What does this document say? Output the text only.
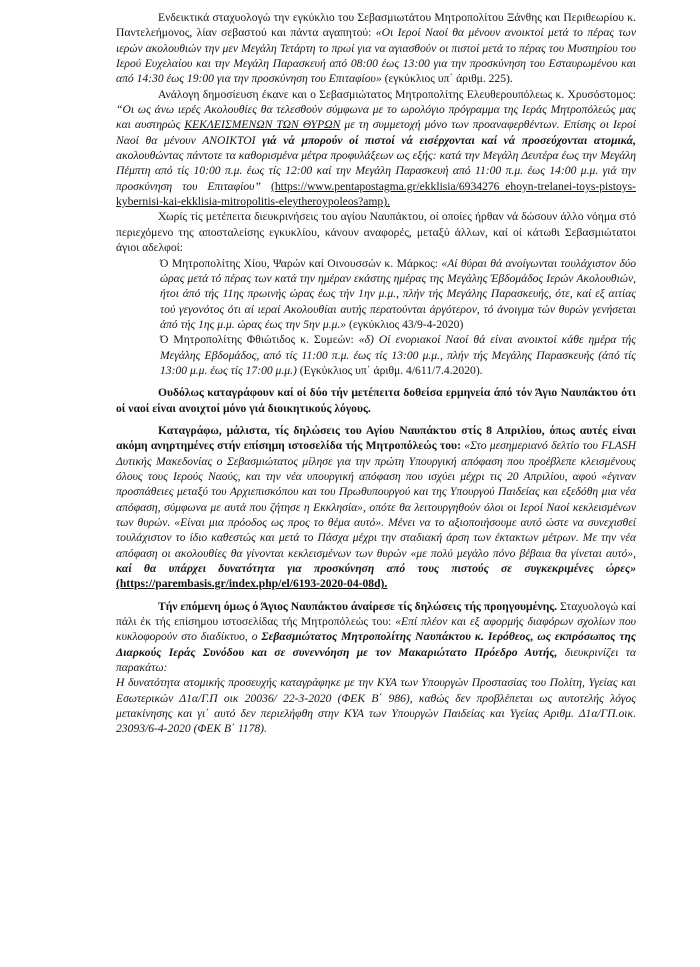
Ενδεικτικά σταχυολογώ την εγκύκλιο του Σεβασμιωτάτου Μητροπολίτου Ξάνθης και Περιθεωρίου κ. Παντελεήμονος, λίαν σεβαστού και πάντα αγαπητού: «Οι Ιεροί Ναοί θα μένουν ανοικτοί μετά το πέρας των ιερών ακολουθιών την μεν Μεγάλη Τετάρτη το πρωί για να αγιασθούν οι πιστοί μετά το πέρας του Μυστηρίου του Ιερού Ευχελαίου και την Μεγάλη Παρασκευή από 08:00 έως 13:00 για την προσκύνηση του Εσταυρωμένου και από 14:30 έως 19:00 για την προσκύνηση του Επιταφίου» (εγκύκλιος υπ΄ άριθμ. 225).

Ανάλογη δημοσίευση έκανε και ο Σεβασμιώτατος Μητροπολίτης Ελευθερουπόλεως κ. Χρυσόστομος: “Οι ως άνω ιερές Ακολουθίες θα τελεσθούν σύμφωνα με το ωρολόγιο πρόγραμμα της Ιεράς Μητροπόλεώς μας και αυστηρώς ΚΕΚΛΕΙΣΜΕΝΩΝ ΤΩΝ ΘΥΡΩΝ με τη συμμετοχή μόνο των προαναφερθέντων. Επίσης οι Ιεροί Ναοί θα μένουν ΑΝΟΙΚΤΟΙ γιά νά μπορούν οί πιστοί νά εισέρχονται καί νά προσεύχονται ατομικά, ακολουθώντας πάντοτε τα καθορισμένα μέτρα προφυλάξεων ως εξής: κατά την Μεγάλη Δευτέρα έως την Μεγάλη Πέμπτη από τίς 10:00 π.μ. έως τίς 12:00 καί την Μεγάλη Παρασκευή από 11:00 π.μ. έως 14:00 μ.μ. γιά την προσκύνηση του Επιταφίου” (https://www.pentapostagma.gr/ekklisia/6934276_ehoyn-trelanei-toys-pistoys-kybernisi-kai-ekklisia-mitropolitis-eleytheroypoleos?amp).

Χωρίς τίς μετέπειτα διευκρινήσεις του αγίου Ναυπάκτου, οί οποίες ήρθαν νά δώσουν άλλο νόημα στό περιεχόμενο της αποσταλείσης εγκυκλίου, κάνουν αναφορές, μεταξύ άλλων, καί οί κάτωθι Σεβασμιώτατοι άγιοι αδελφοί:

Ό Μητροπολίτης Χίου, Ψαρών καί Οινουσσών κ. Μάρκος: «Αί θύραι θά ανοίγωνται τουλάχιστον δύο ώρας μετά τό πέρας των κατά την ημέραν εκάστης ημέρας της Μεγάλης Έβδομάδος Ιερών Ακολουθιών, ήτοι άπό τής 11ης πρωινής ώρας έως τήν 1ην μ.μ., πλήν τής Μεγάλης Παρασκευής, ότε, καί εξ αιτίας τού γεγονότος ότι αί ιεραί Ακολουθίαι αυτής περατούνται άργότερον, τό άνοιγμα τών θυρών γενήσεται άπό τής 1ης μ.μ. ώρας έως την 5ην μ.μ.» (εγκύκλιος 43/9-4-2020)

Ό Μητροπολίτης Φθιώτιδος κ. Συμεών: «δ) Οί ενοριακοί Ναοί θά είναι ανοικτοί κάθε ημέρα τής Μεγάλης Εβδομάδος, από τίς 11:00 π.μ. έως τίς 13:00 μ.μ., πλήν τής Μεγάλης Παρασκευής (άπό τίς 13:00 μ.μ. έως τίς 17:00 μ.μ.) (Εγκύκλιος υπ΄ άριθμ. 4/611/7.4.2020).

Ουδόλως καταγράφουν καί οί δύο τήν μετέπειτα δοθείσα ερμηνεία άπό τόν Άγιο Ναυπάκτου ότι οί ναοί είναι ανοιχτοί μόνο γιά διοικητικούς λόγους.

Καταγράφω, μάλιστα, τίς δηλώσεις του Αγίου Ναυπάκτου στίς 8 Απριλίου, όπως αυτές είναι ακόμη ανηρτημένες στήν επίσημη ιστοσελίδα τής Μητροπόλεώς του: «Στο μεσημεριανό δελτίο του FLASH Δυτικής Μακεδονίας ο Σεβασμιώτατος μίλησε για την πρώτη Υπουργική απόφαση που προέβλεπε κλεισμένους όλους τους Ιερούς Ναούς, και την νέα υπουργική απόφαση που ισχύει μέχρι τις 20 Απριλίου, αφού «έγιναν προσπάθειες μεταξύ του Αρχιεπισκόπου και του Πρωθυπουργού και της Υπουργού Παιδείας και εξεδόθη μια νέα απόφαση, σύμφωνα με αυτά που ζήτησε η Εκκλησία», οπότε θα λειτουργηθούν όλοι οι Ιεροί Ναοί κεκλεισμένων των θυρών. «Είναι μια πρόοδος ως προς το θέμα αυτό». Μένει να το αξιοποιήσουμε αυτό ώστε να συνεχισθεί τουλάχιστον το ίδιο καθεστώς και μετά το Πάσχα μέχρι την σταδιακή άρση των έκτακτων μέτρων. Με την νέα απόφαση οι ακολουθίες θα γίνονται κεκλεισμένων των θυρών «με πολύ μεγάλο πόνο βέβαια θα γίνεται αυτό», καί θα υπάρχει δυνατότητα για προσκύνηση από τους πιστούς σε συγκεκριμένες ώρες» (https://parembasis.gr/index.php/el/6193-2020-04-08d).

Τήν επόμενη όμως ό Άγιος Ναυπάκτου άναίρεσε τίς δηλώσεις τής προηγουμένης. Σταχυολογώ καί πάλι έκ τής επίσημου ιστοσελίδας τής Μητροπόλεώς του: «Επί πλέον και εξ αφορμής διαφόρων σχολίων που κυκλοφορούν στο διαδίκτυο, ο Σεβασμιώτατος Μητροπολίτης Ναυπάκτου κ. Ιερόθεος, ως εκπρόσωπος της Διαρκούς Ιεράς Συνόδου και σε συνεννόηση με τον Μακαριώτατο Πρόεδρο Αυτής, διευκρινίζει τα παρακάτω:

Η δυνατότητα ατομικής προσευχής καταγράφηκε με την ΚΥΑ των Υπουργών Προστασίας του Πολίτη, Υγείας και Εσωτερικών Δ1α/Γ.Π οικ 20036/ 22-3-2020 (ΦΕΚ Β΄ 986), καθώς δεν προβλέπεται ως αυτοτελής λόγος μετακίνησης και γι΄ αυτό δεν περιελήφθη στην ΚΥΑ των Υπουργών Παιδείας και Υγείας Αριθμ. Δ1α/ΓΠ.οικ. 23093/6-4-2020 (ΦΕΚ Β΄ 1178).
